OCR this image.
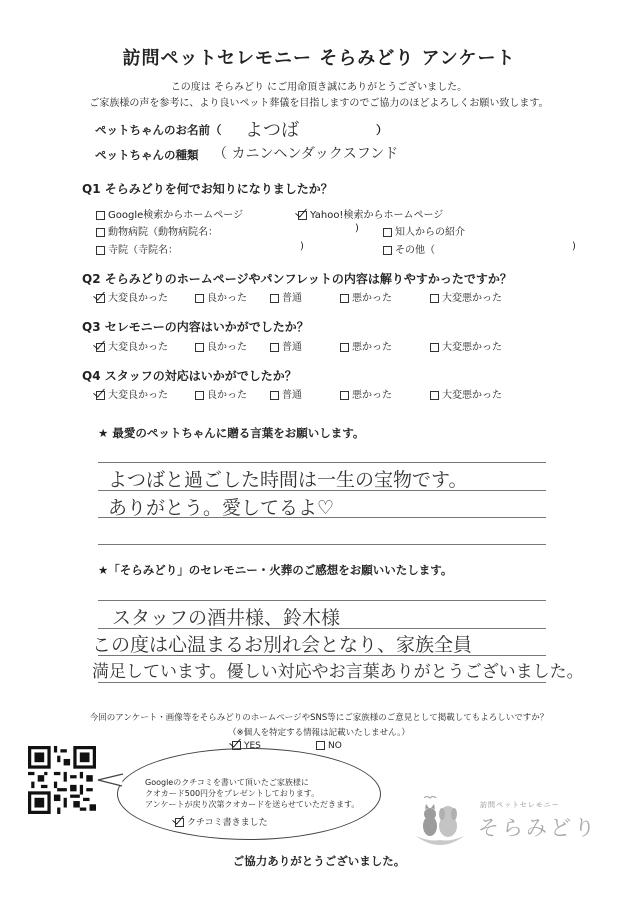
訪問ペットセレモニー そらみどり アンケート
この度は そらみどり にご用命頂き誠にありがとうございました。
ご家族様の声を参考に、より良いペット葬儀を目指しますのでご協力のほどよろしくお願い致します。
ペットちゃんのお名前（ よつば	）
ペットちゃんの種類 （ カニンヘンダックスフンド
Q1 そらみどりを何でお知りになりましたか？
Google検索からホームページ	Yahoo!検索からホームページ
動物病院（動物病院名：	)	知人からの紹介
寺院（寺院名：	)	その他（	)
Q2 そらみどりのホームページやパンフレットの内容は解りやすかったですか？
大変良かった	良かった	普通	悪かった	大変悪かった
Q3 セレモニーの内容はいかがでしたか？
大変良かった	良かった	普通	悪かった	大変悪かった
Q4 スタッフの対応はいかがでしたか？
大変良かった	良かった	普通	悪かった	大変悪かった
★ 最愛のペットちゃんに贈る言葉をお願いします。
よつばと過ごした時間は一生の宝物です。
ありがとう。愛してるよ♡
★「そらみどり」のセレモニー・火葬のご感想をお願いいたします。
スタッフの酒井様、鈴木様
この度は心温まるお別れ会となり、家族全員
満足しています。優しい対応やお言葉ありがとうございました。
今回のアンケート・画像等をそらみどりのホームページやSNS等にご家族様のご意見として掲載してもよろしいですか？
（※個人を特定する情報は記載いたしません。）
YES	NO
Googleのクチコミを書いて頂いたご家族様に
クオカード500円分をプレゼントしております。
アンケートが戻り次第クオカードを送らせていただきます。
クチコミ書きました
訪問ペットセレモニー
そらみどり
ご協力ありがとうございました。
